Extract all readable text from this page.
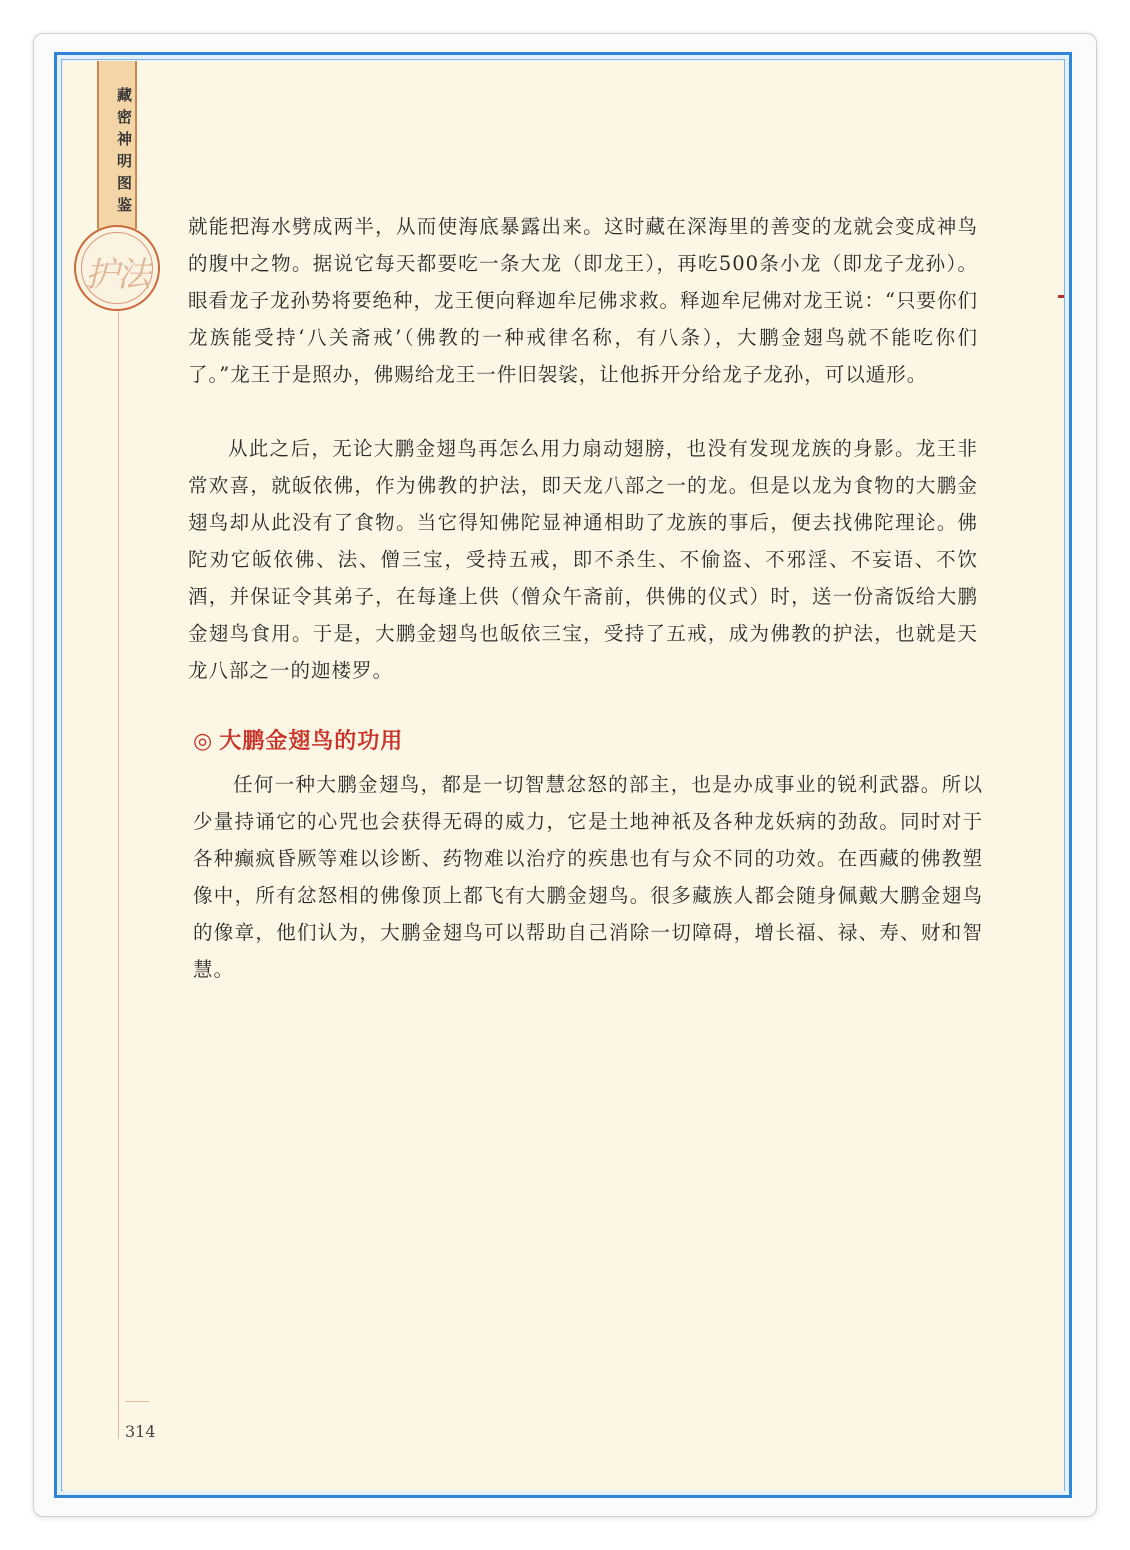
藏密神明图鉴
护法
就能把海水劈成两半，从而使海底暴露出来。这时藏在深海里的善变的龙就会变成神鸟的腹中之物。据说它每天都要吃一条大龙（即龙王），再吃500条小龙（即龙子龙孙）。眼看龙子龙孙势将要绝种，龙王便向释迦牟尼佛求救。释迦牟尼佛对龙王说：“只要你们龙族能受持‘八关斋戒’（佛教的一种戒律名称，有八条），大鹏金翅鸟就不能吃你们了。”龙王于是照办，佛赐给龙王一件旧袈裟，让他拆开分给龙子龙孙，可以遁形。
从此之后，无论大鹏金翅鸟再怎么用力扇动翅膀，也没有发现龙族的身影。龙王非常欢喜，就皈依佛，作为佛教的护法，即天龙八部之一的龙。但是以龙为食物的大鹏金翅鸟却从此没有了食物。当它得知佛陀显神通相助了龙族的事后，便去找佛陀理论。佛陀劝它皈依佛、法、僧三宝，受持五戒，即不杀生、不偷盗、不邪淫、不妄语、不饮酒，并保证令其弟子，在每逢上供（僧众午斋前，供佛的仪式）时，送一份斋饭给大鹏金翅鸟食用。于是，大鹏金翅鸟也皈依三宝，受持了五戒，成为佛教的护法，也就是天龙八部之一的迦楼罗。
◎ 大鹏金翅鸟的功用
任何一种大鹏金翅鸟，都是一切智慧忿怒的部主，也是办成事业的锐利武器。所以少量持诵它的心咒也会获得无碍的威力，它是土地神祇及各种龙妖病的劲敌。同时对于各种癫疯昏厥等难以诊断、药物难以治疗的疾患也有与众不同的功效。在西藏的佛教塑像中，所有忿怒相的佛像顶上都飞有大鹏金翅鸟。很多藏族人都会随身佩戴大鹏金翅鸟的像章，他们认为，大鹏金翅鸟可以帮助自己消除一切障碍，增长福、禄、寿、财和智慧。
314
